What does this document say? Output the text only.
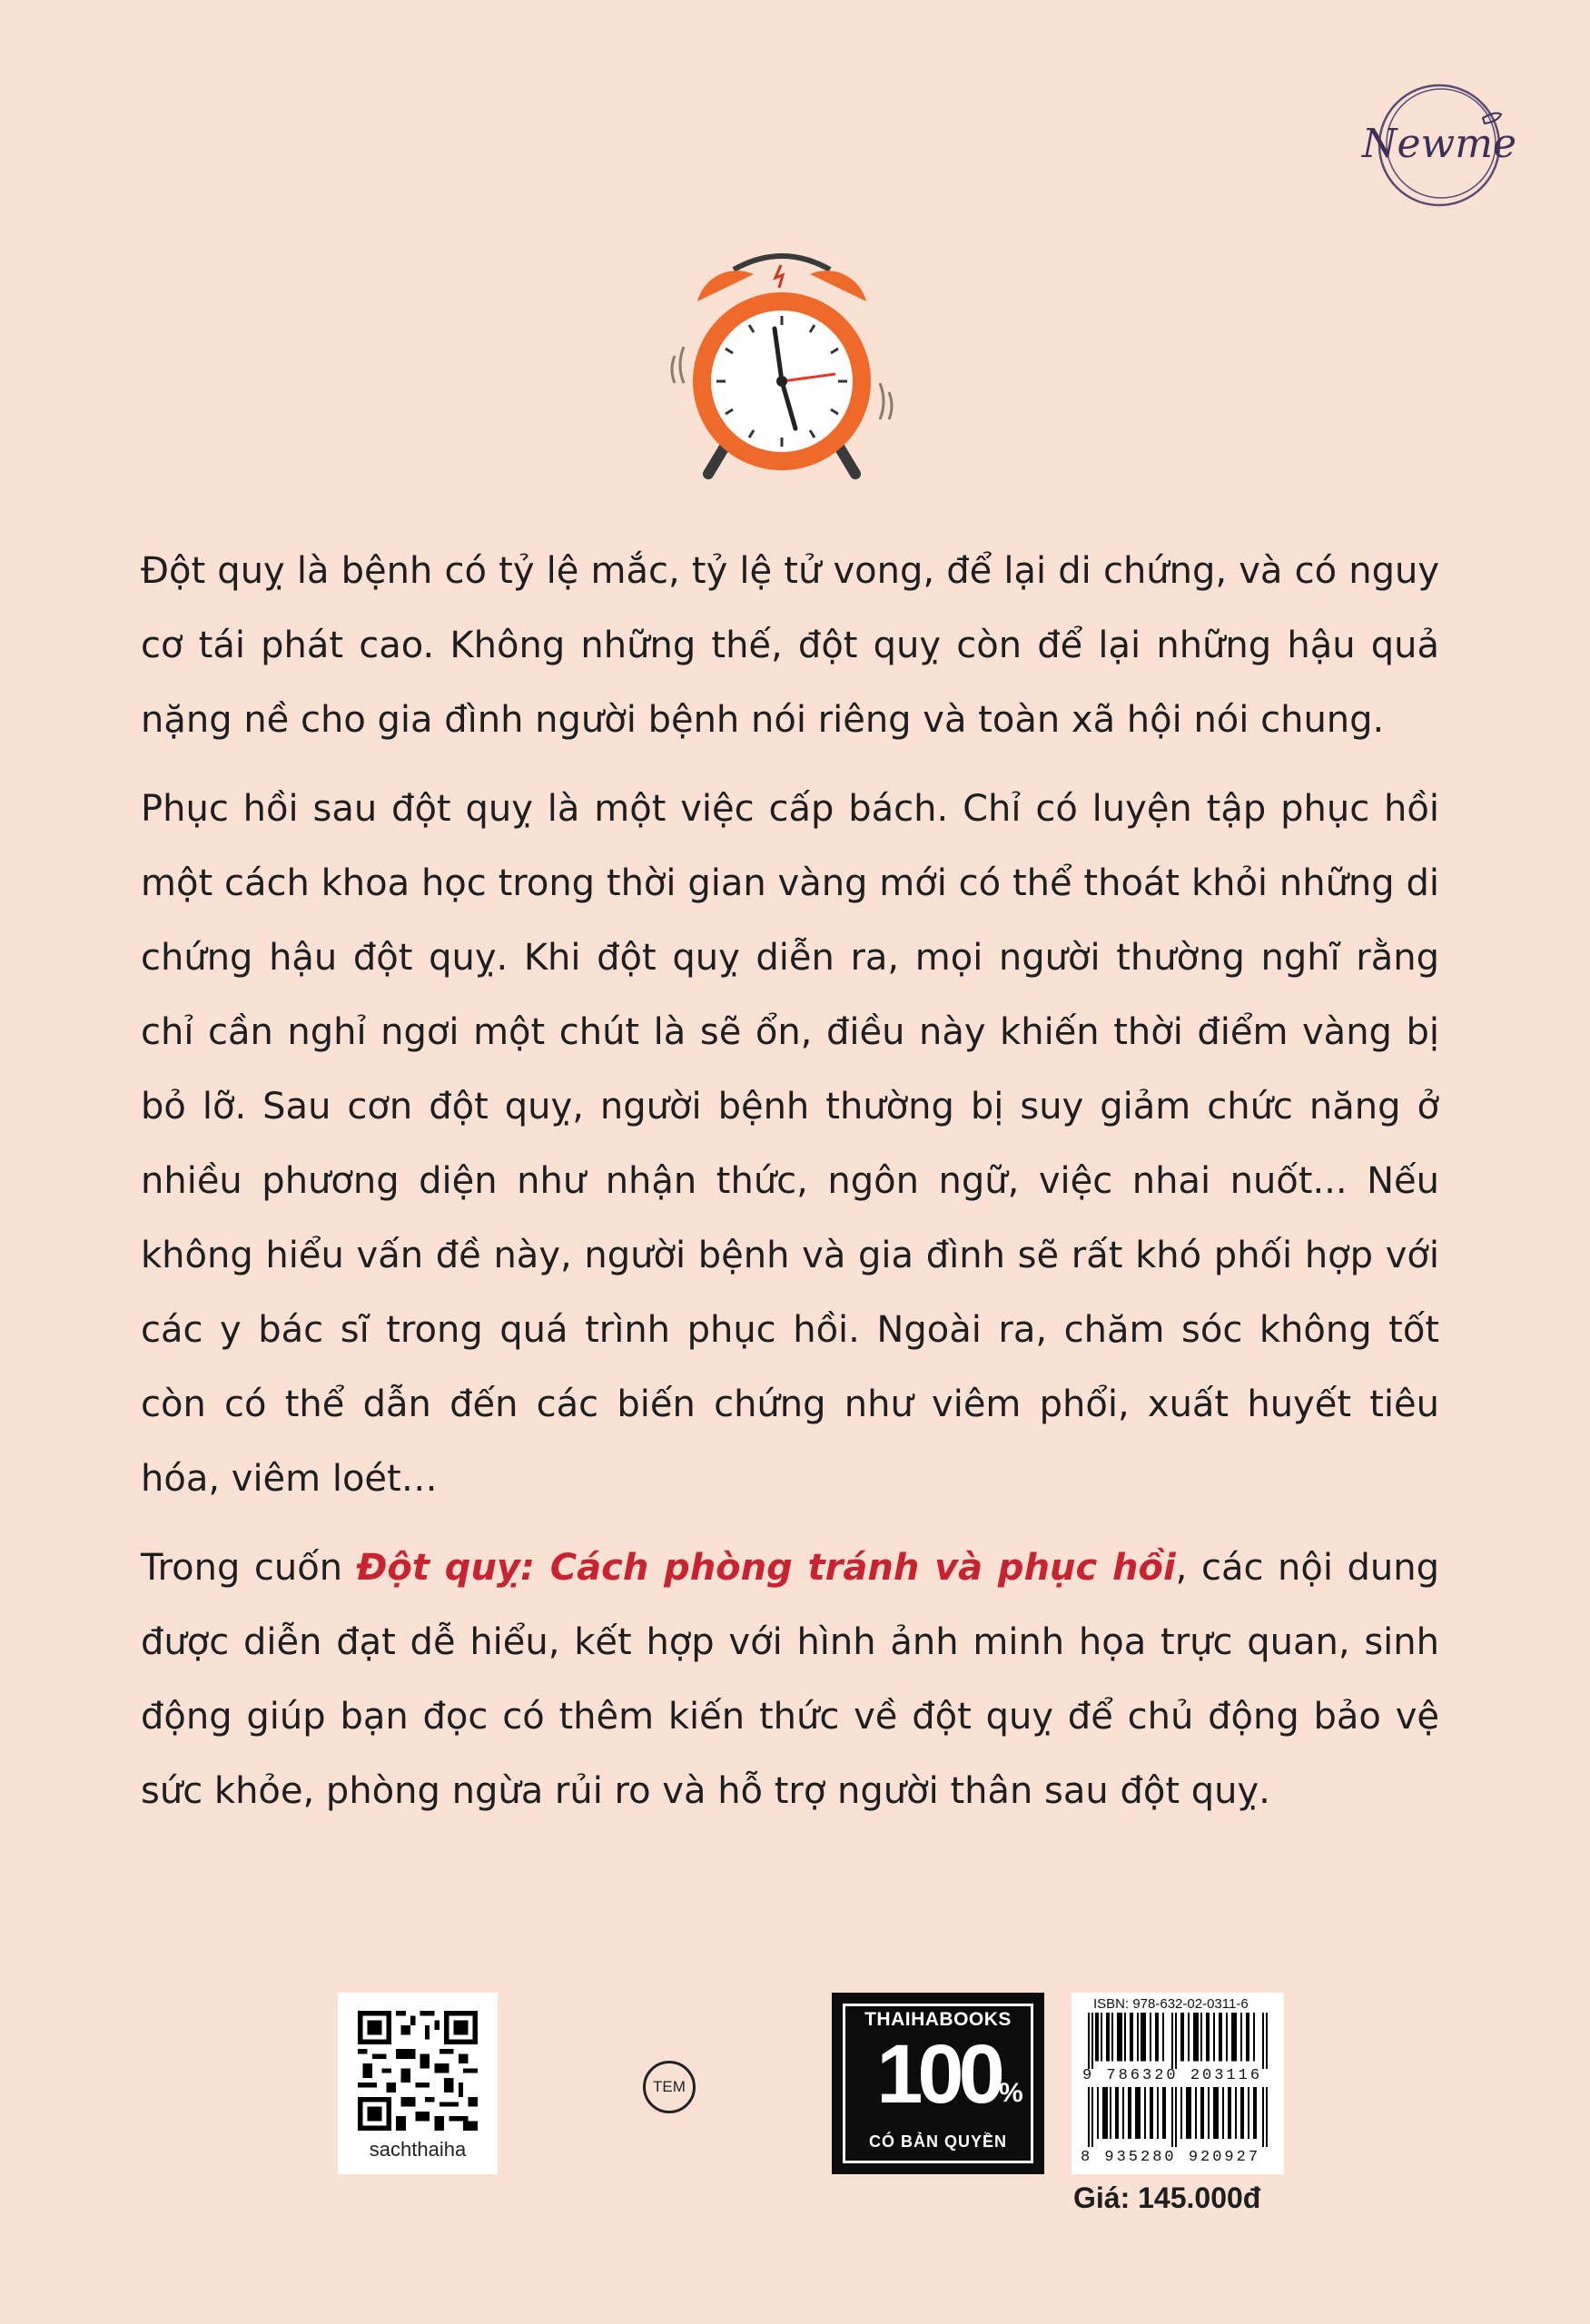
Newme

Đột quỵ là bệnh có tỷ lệ mắc, tỷ lệ tử vong, để lại di chứng, và có nguy cơ tái phát cao. Không những thế, đột quỵ còn để lại những hậu quả nặng nề cho gia đình người bệnh nói riêng và toàn xã hội nói chung.

Phục hồi sau đột quỵ là một việc cấp bách. Chỉ có luyện tập phục hồi một cách khoa học trong thời gian vàng mới có thể thoát khỏi những di chứng hậu đột quỵ. Khi đột quỵ diễn ra, mọi người thường nghĩ rằng chỉ cần nghỉ ngơi một chút là sẽ ổn, điều này khiến thời điểm vàng bị bỏ lỡ. Sau cơn đột quỵ, người bệnh thường bị suy giảm chức năng ở nhiều phương diện như nhận thức, ngôn ngữ, việc nhai nuốt... Nếu không hiểu vấn đề này, người bệnh và gia đình sẽ rất khó phối hợp với các y bác sĩ trong quá trình phục hồi. Ngoài ra, chăm sóc không tốt còn có thể dẫn đến các biến chứng như viêm phổi, xuất huyết tiêu hóa, viêm loét…

Trong cuốn Đột quỵ: Cách phòng tránh và phục hồi, các nội dung được diễn đạt dễ hiểu, kết hợp với hình ảnh minh họa trực quan, sinh động giúp bạn đọc có thêm kiến thức về đột quỵ để chủ động bảo vệ sức khỏe, phòng ngừa rủi ro và hỗ trợ người thân sau đột quỵ.

sachthaiha
TEM
THAIHABOOKS
100 %
CÓ BẢN QUYỀN
ISBN: 978-632-02-0311-6
9 786320 203116
8 935280 920927
Giá: 145.000đ
